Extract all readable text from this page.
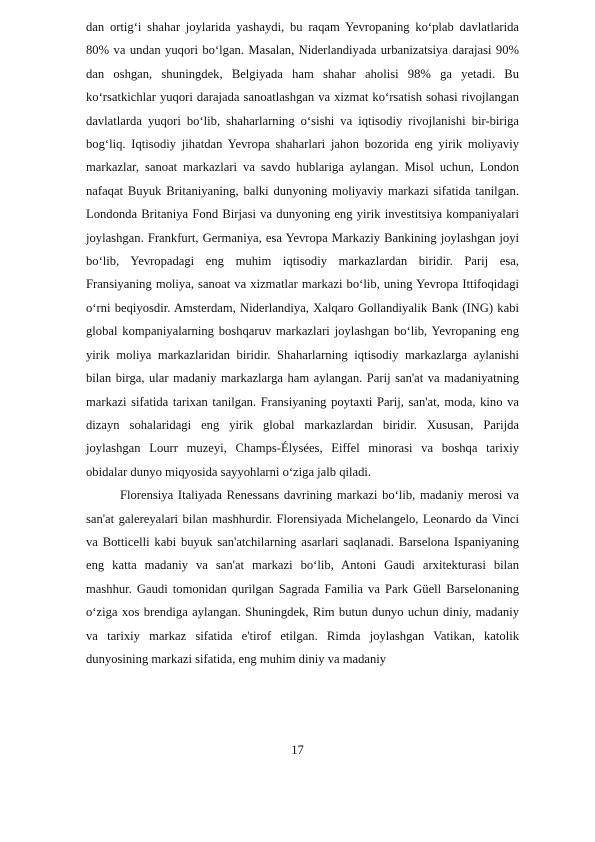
dan ortig‘i shahar joylarida yashaydi, bu raqam Yevropaning ko‘plab davlatlarida 80% va undan yuqori bo‘lgan. Masalan, Niderlandiyada urbanizatsiya darajasi 90% dan oshgan, shuningdek, Belgiyada ham shahar aholisi 98% ga yetadi. Bu ko‘rsatkichlar yuqori darajada sanoatlashgan va xizmat ko‘rsatish sohasi rivojlangan davlatlarda yuqori bo‘lib, shaharlarning o‘sishi va iqtisodiy rivojlanishi bir-biriga bog‘liq. Iqtisodiy jihatdan Yevropa shaharlari jahon bozorida eng yirik moliyaviy markazlar, sanoat markazlari va savdo hublariga aylangan. Misol uchun, London nafaqat Buyuk Britaniyaning, balki dunyoning moliyaviy markazi sifatida tanilgan. Londonda Britaniya Fond Birjasi va dunyoning eng yirik investitsiya kompaniyalari joylashgan. Frankfurt, Germaniya, esa Yevropa Markaziy Bankining joylashgan joyi bo‘lib, Yevropadagi eng muhim iqtisodiy markazlardan biridir. Parij esa, Fransiyaning moliya, sanoat va xizmatlar markazi bo‘lib, uning Yevropa Ittifoqidagi o‘rni beqiyosdir. Amsterdam, Niderlandiya, Xalqaro Gollandiyalik Bank (ING) kabi global kompaniyalarning boshqaruv markazlari joylashgan bo‘lib, Yevropaning eng yirik moliya markazlaridan biridir. Shaharlarning iqtisodiy markazlarga aylanishi bilan birga, ular madaniy markazlarga ham aylangan. Parij san'at va madaniyatning markazi sifatida tarixan tanilgan. Fransiyaning poytaxti Parij, san'at, moda, kino va dizayn sohalaridagi eng yirik global markazlardan biridir. Xususan, Parijda joylashgan Lourr muzeyi, Champs-Élysées, Eiffel minorasi va boshqa tarixiy obidalar dunyo miqyosida sayyohlarni o‘ziga jalb qiladi.

Florensiya Italiyada Renessans davrining markazi bo‘lib, madaniy merosi va san'at galereyalari bilan mashhurdir. Florensiyada Michelangelo, Leonardo da Vinci va Botticelli kabi buyuk san'atchilarning asarlari saqlanadi. Barselona Ispaniyaning eng katta madaniy va san'at markazi bo‘lib, Antoni Gaudi arxitekturasi bilan mashhur. Gaudi tomonidan qurilgan Sagrada Familia va Park Güell Barselonaning o‘ziga xos brendiga aylangan. Shuningdek, Rim butun dunyo uchun diniy, madaniy va tarixiy markaz sifatida e'tirof etilgan. Rimda joylashgan Vatikan, katolik dunyosining markazi sifatida, eng muhim diniy va madaniy

17
